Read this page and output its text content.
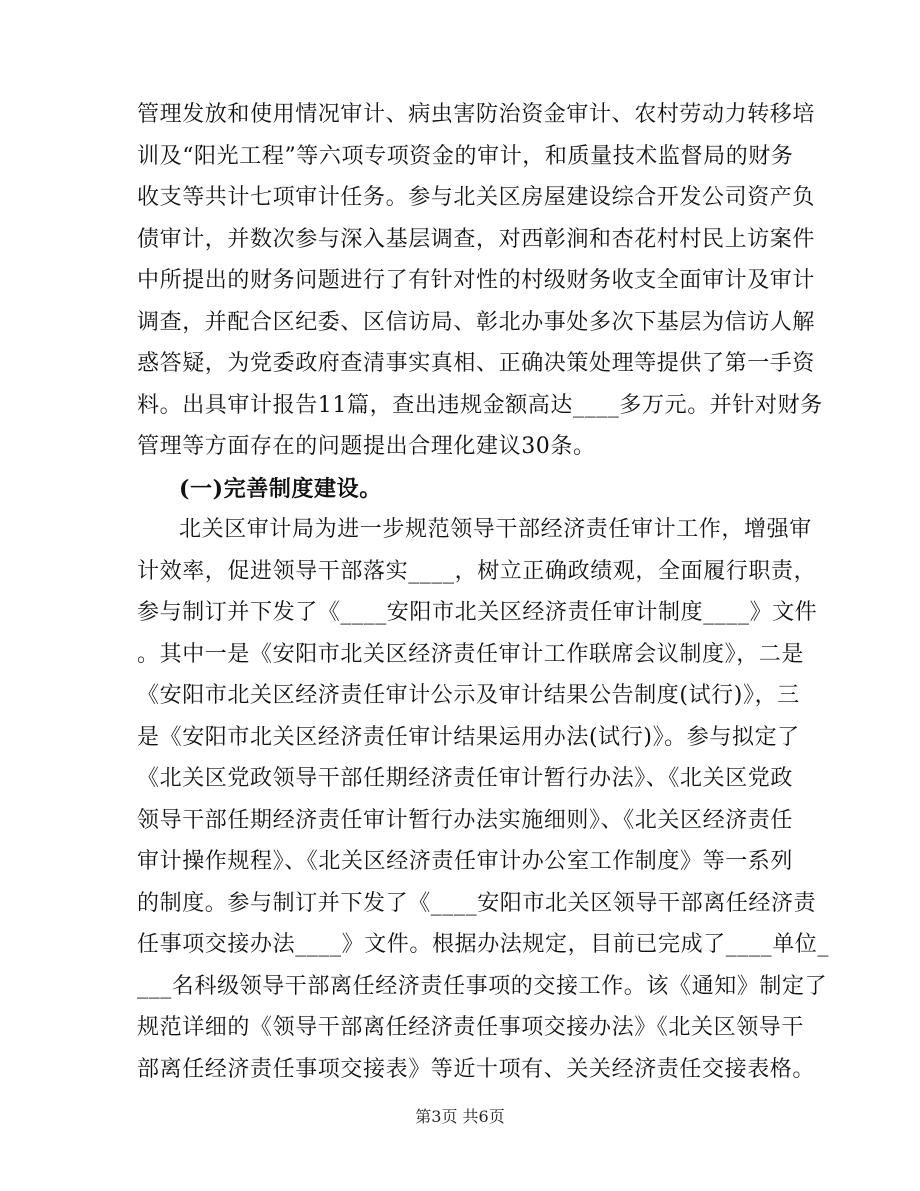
管理发放和使用情况审计、病虫害防治资金审计、农村劳动力转移培
训及“阳光工程”等六项专项资金的审计，和质量技术监督局的财务
收支等共计七项审计任务。参与北关区房屋建设综合开发公司资产负
债审计，并数次参与深入基层调查，对西彰涧和杏花村村民上访案件
中所提出的财务问题进行了有针对性的村级财务收支全面审计及审计
调查，并配合区纪委、区信访局、彰北办事处多次下基层为信访人解
惑答疑，为党委政府查清事实真相、正确决策处理等提供了第一手资
料。出具审计报告11篇，查出违规金额高达____多万元。并针对财务
管理等方面存在的问题提出合理化建议30条。
(一)完善制度建设。
北关区审计局为进一步规范领导干部经济责任审计工作，增强审
计效率，促进领导干部落实____，树立正确政绩观，全面履行职责，
参与制订并下发了《____安阳市北关区经济责任审计制度____》文件
。其中一是《安阳市北关区经济责任审计工作联席会议制度》，二是
《安阳市北关区经济责任审计公示及审计结果公告制度(试行)》，三
是《安阳市北关区经济责任审计结果运用办法(试行)》。参与拟定了
《北关区党政领导干部任期经济责任审计暂行办法》、《北关区党政
领导干部任期经济责任审计暂行办法实施细则》、《北关区经济责任
审计操作规程》、《北关区经济责任审计办公室工作制度》等一系列
的制度。参与制订并下发了《____安阳市北关区领导干部离任经济责
任事项交接办法____》文件。根据办法规定，目前已完成了____单位_
___名科级领导干部离任经济责任事项的交接工作。该《通知》制定了
规范详细的《领导干部离任经济责任事项交接办法》《北关区领导干
部离任经济责任事项交接表》等近十项有、关关经济责任交接表格。
第3页 共6页
